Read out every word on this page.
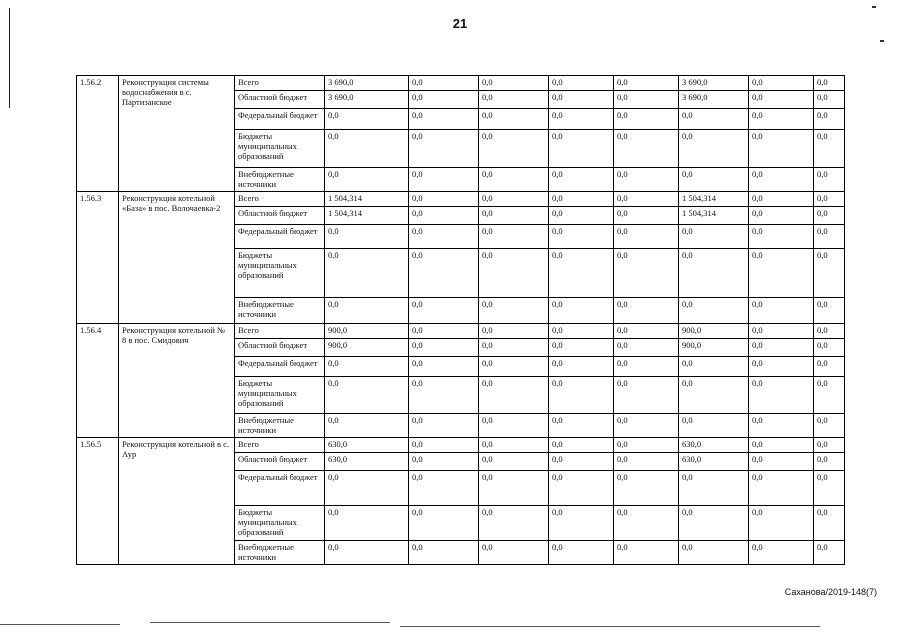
21
1.56.2	Реконструкция системы водоснабжения в с. Партизанское	Всего	3 690,0	0,0	0,0	0,0	0,0	3 690,0	0,0	0,0
		Областной бюджет	3 690,0	0,0	0,0	0,0	0,0	3 690,0	0,0	0,0
		Федеральный бюджет	0,0	0,0	0,0	0,0	0,0	0,0	0,0	0,0
		Бюджеты муниципальных образований	0,0	0,0	0,0	0,0	0,0	0,0	0,0	0,0
		Внебюджетные источники	0,0	0,0	0,0	0,0	0,0	0,0	0,0	0,0
1.56.3	Реконструкция котельной «База» в пос. Волочаевка-2	Всего	1 504,314	0,0	0,0	0,0	0,0	1 504,314	0,0	0,0
		Областной бюджет	1 504,314	0,0	0,0	0,0	0,0	1 504,314	0,0	0,0
		Федеральный бюджет	0,0	0,0	0,0	0,0	0,0	0,0	0,0	0,0
		Бюджеты муниципальных образований	0,0	0,0	0,0	0,0	0,0	0,0	0,0	0,0
		Внебюджетные источники	0,0	0,0	0,0	0,0	0,0	0,0	0,0	0,0
1.56.4	Реконструкция котельной № 8 в пос. Смидович	Всего	900,0	0,0	0,0	0,0	0,0	900,0	0,0	0,0
		Областной бюджет	900,0	0,0	0,0	0,0	0,0	900,0	0,0	0,0
		Федеральный бюджет	0,0	0,0	0,0	0,0	0,0	0,0	0,0	0,0
		Бюджеты муниципальных образований	0,0	0,0	0,0	0,0	0,0	0,0	0,0	0,0
		Внебюджетные источники	0,0	0,0	0,0	0,0	0,0	0,0	0,0	0,0
1.56.5	Реконструкция котельной в с. Аур	Всего	630,0	0,0	0,0	0,0	0,0	630,0	0,0	0,0
		Областной бюджет	630,0	0,0	0,0	0,0	0,0	630,0	0,0	0,0
		Федеральный бюджет	0,0	0,0	0,0	0,0	0,0	0,0	0,0	0,0
		Бюджеты муниципальных образований	0,0	0,0	0,0	0,0	0,0	0,0	0,0	0,0
		Внебюджетные источники	0,0	0,0	0,0	0,0	0,0	0,0	0,0	0,0
Саханова/2019-148(7)
